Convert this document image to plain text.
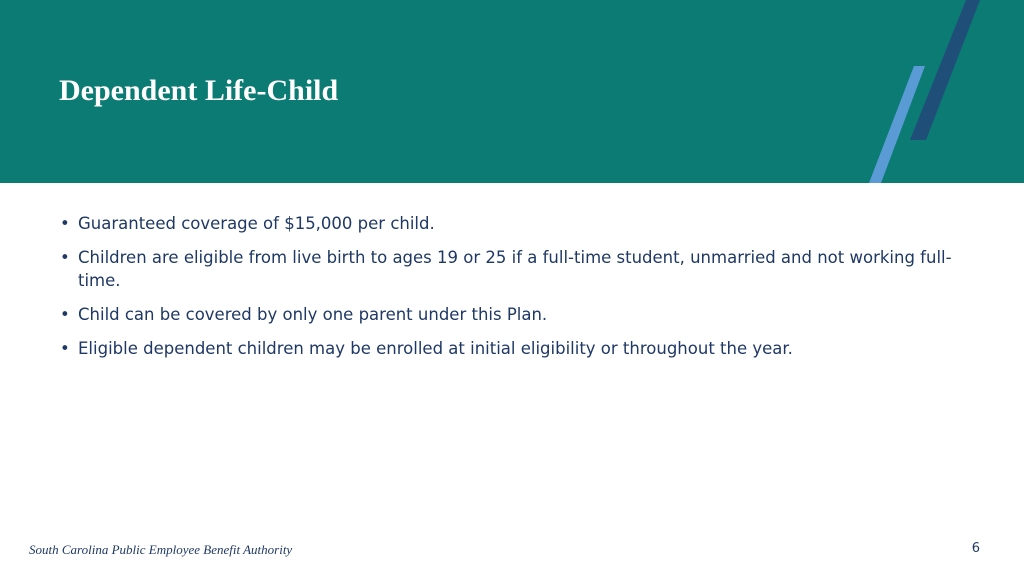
Dependent Life-Child
• Guaranteed coverage of $15,000 per child.
• Children are eligible from live birth to ages 19 or 25 if a full-time student, unmarried and not working full-time.
• Child can be covered by only one parent under this Plan.
• Eligible dependent children may be enrolled at initial eligibility or throughout the year.
South Carolina Public Employee Benefit Authority	6
